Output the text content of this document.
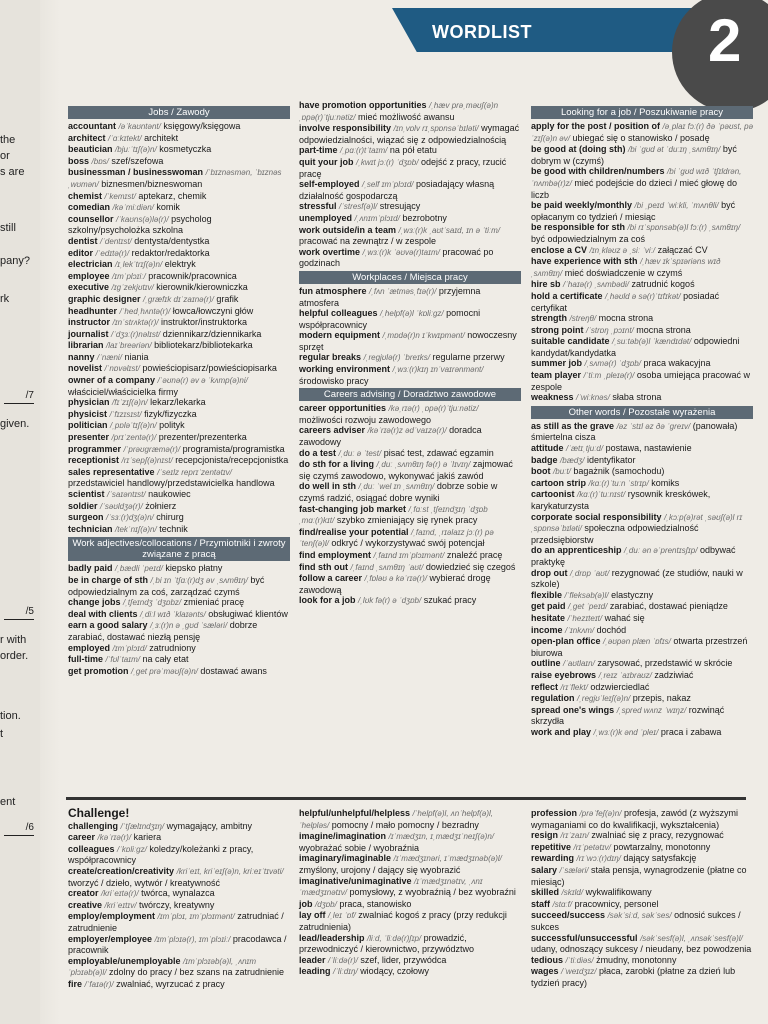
the
or
s are
still
pany?
rk
given.
r with
order.
tion.
t
ent
/7
/5
/6
WORDLIST	2
Jobs / Zawody

accountant /əˈkaʊntənt/ księgowy/księgowa

architect /ˈɑːkɪtekt/ architekt

beautician /bjuːˈtɪʃ(ə)n/ kosmetyczka

boss /bɒs/ szef/szefowa

businessman / businesswoman /ˈbɪznəsmən, ˈbɪznəsˌwʊmən/ biznesmen/bizneswoman

chemist /ˈkemɪst/ aptekarz, chemik

comedian /kəˈmiːdiən/ komik

counsellor /ˈkaʊns(ə)lə(r)/ psycholog szkolny/psycholożka szkolna

dentist /ˈdentɪst/ dentysta/dentystka

editor /ˈedɪtə(r)/ redaktor/redaktorka

electrician /ɪˌlekˈtrɪʃ(ə)n/ elektryk

employee /ɪmˈplɔɪiː/ pracownik/pracownica

executive /ɪɡˈzekjʊtɪv/ kierownik/kierowniczka

graphic designer /ˌɡræfɪk dɪˈzaɪnə(r)/ grafik

headhunter /ˈhedˌhʌntə(r)/ łowca/łowczyni głów

instructor /ɪnˈstrʌktə(r)/ instruktor/instruktorka

journalist /ˈdʒɜː(r)nəlɪst/ dziennikarz/dziennikarka

librarian /laɪˈbreəriən/ bibliotekarz/bibliotekarka

nanny /ˈnæni/ niania

novelist /ˈnɒvəlɪst/ powieściopisarz/powieściopisarka

owner of a company /ˈəʊnə(r) əv ə ˈkʌmp(ə)ni/ właściciel/właścicielka firmy

physician /fɪˈzɪʃ(ə)n/ lekarz/lekarka

physicist /ˈfɪzɪsɪst/ fizyk/fizyczka

politician /ˌpɒləˈtɪʃ(ə)n/ polityk

presenter /prɪˈzentə(r)/ prezenter/prezenterka

programmer /ˈprəʊɡræmə(r)/ programista/programistka

receptionist /rɪˈsepʃ(ə)nɪst/ recepcjonista/recepcjonistka

sales representative /ˈseɪlz reprɪˈzentətɪv/ przedstawiciel handlowy/przedstawicielka handlowa

scientist /ˈsaɪəntɪst/ naukowiec

soldier /ˈsəʊldʒə(r)/ żołnierz

surgeon /ˈsɜː(r)dʒ(ə)n/ chirurg

technician /tekˈnɪʃ(ə)n/ technik

Work adjectives/collocations / Przymiotniki i zwroty związane z pracą

badly paid /ˌbædli ˈpeɪd/ kiepsko płatny

be in charge of sth /ˌbi ɪn ˈtʃɑː(r)dʒ əv ˌsʌmθɪŋ/ być odpowiedzialnym za coś, zarządzać czymś

change jobs /ˌtʃeɪndʒ ˈdʒɒbz/ zmieniać pracę

deal with clients /ˌdiːl wɪð ˈklaɪənts/ obsługiwać klientów

earn a good salary /ˌɜː(r)n ə ˌɡʊd ˈsæləri/ dobrze zarabiać, dostawać niezłą pensję

employed /ɪmˈplɔɪd/ zatrudniony

full-time /ˈfʊlˈtaɪm/ na cały etat

get promotion /ˌɡet prəˈməʊʃ(ə)n/ dostawać awans

have promotion opportunities /ˌhæv prəˌməʊʃ(ə)n ˌɒpə(r)ˈtjuːnətiz/ mieć możliwość awansu

involve responsibility /ɪnˌvɒlv rɪˌspɒnsəˈbɪləti/ wymagać odpowiedzialności, wiązać się z odpowiedzialnością

part-time /ˌpɑː(r)tˈtaɪm/ na pół etatu

quit your job /ˌkwɪt jɔː(r) ˈdʒɒb/ odejść z pracy, rzucić pracę

self-employed /ˌself ɪmˈplɔɪd/ posiadający własną działalność gospodarczą

stressful /ˈstresf(ə)l/ stresujący

unemployed /ˌʌnɪmˈplɔɪd/ bezrobotny

work outside/in a team /ˌwɜː(r)k ˌaʊtˈsaɪd, ɪn ə ˈtiːm/ pracować na zewnątrz / w zespole

work overtime /ˌwɜː(r)k ˈəʊvə(r)taɪm/ pracować po godzinach

Workplaces / Miejsca pracy

fun atmosphere /ˌfʌn ˈætməsˌfɪə(r)/ przyjemna atmosfera

helpful colleagues /ˌhelpf(ə)l ˈkɒliːɡz/ pomocni współpracownicy

modern equipment /ˌmɒdə(r)n ɪˈkwɪpmənt/ nowoczesny sprzęt

regular breaks /ˌreɡjʊlə(r) ˈbreɪks/ regularne przerwy

working environment /ˌwɜː(r)kɪŋ ɪnˈvaɪrənmənt/ środowisko pracy

Careers advising / Doradztwo zawodowe

career opportunities /kəˌrɪə(r) ˌɒpə(r)ˈtjuːnətiz/ możliwości rozwoju zawodowego

careers adviser /kəˈrɪə(r)z ədˈvaɪzə(r)/ doradca zawodowy

do a test /ˌduː ə ˈtest/ pisać test, zdawać egzamin

do sth for a living /ˌduː ˌsʌmθɪŋ fə(r) ə ˈlɪvɪŋ/ zajmować się czymś zawodowo, wykonywać jakiś zawód

do well in sth /ˌduː ˈwel ɪn ˌsʌmθɪŋ/ dobrze sobie w czymś radzić, osiągać dobre wyniki

fast-changing job market /ˌfɑːst ˌtʃeɪndʒɪŋ ˈdʒɒb ˌmɑː(r)kɪt/ szybko zmieniający się rynek pracy

find/realise your potential /ˌfaɪnd, ˌrɪəlaɪz jɔː(r) pəˈtenʃ(ə)l/ odkryć / wykorzystywać swój potencjał

find employment /ˌfaɪnd ɪmˈplɔɪmənt/ znaleźć pracę

find sth out /ˌfaɪnd ˌsʌmθɪŋ ˈaʊt/ dowiedzieć się czegoś

follow a career /ˌfɒləʊ ə kəˈrɪə(r)/ wybierać drogę zawodową

look for a job /ˌlʊk fə(r) ə ˈdʒɒb/ szukać pracy

Looking for a job / Poszukiwanie pracy

apply for the post / position of /əˌplaɪ fɔː(r) ðə ˈpəʊst, pəˈzɪʃ(ə)n əv/ ubiegać się o stanowisko / posadę

be good at (doing sth) /bi ˈɡʊd ət ˈduːɪŋ ˌsʌmθɪŋ/ być dobrym w (czymś)

be good with children/numbers /bi ˈɡʊd wɪð ˈtʃɪldrən, ˈnʌmbə(r)z/ mieć podejście do dzieci / mieć głowę do liczb

be paid weekly/monthly /bi ˌpeɪd ˈwiːkli, ˈmʌnθli/ być opłacanym co tydzień / miesiąc

be responsible for sth /bi rɪˈspɒnsəb(ə)l fɔː(r) ˌsʌmθɪŋ/ być odpowiedzialnym za coś

enclose a CV /ɪnˌkləʊz ə ˌsiː ˈviː/ załączać CV

have experience with sth /ˌhæv ɪkˈspɪəriəns wɪð ˌsʌmθɪŋ/ mieć doświadczenie w czymś

hire sb /ˈhaɪə(r) ˌsʌmbədi/ zatrudnić kogoś

hold a certificate /ˌhəʊld ə sə(r)ˈtɪfɪkət/ posiadać certyfikat

strength /streŋθ/ mocna strona

strong point /ˈstrɒŋ ˌpɔɪnt/ mocna strona

suitable candidate /ˌsuːtəb(ə)l ˈkændɪdət/ odpowiedni kandydat/kandydatka

summer job /ˌsʌmə(r) ˈdʒɒb/ praca wakacyjna

team player /ˈtiːm ˌpleɪə(r)/ osoba umiejąca pracować w zespole

weakness /ˈwiːknəs/ słaba strona

Other words / Pozostałe wyrażenia

as still as the grave /əz ˈstɪl əz ðə ˈɡreɪv/ (panowała) śmiertelna cisza

attitude /ˈætɪˌtjuːd/ postawa, nastawienie

badge /bædʒ/ identyfikator

boot /buːt/ bagażnik (samochodu)

cartoon strip /kɑː(r)ˈtuːn ˈstrɪp/ komiks

cartoonist /kɑː(r)ˈtuːnɪst/ rysownik kreskówek, karykaturzysta

corporate social responsibility /ˌkɔːp(ə)rət ˌsəʊʃ(ə)l rɪˌspɒnsəˈbɪləti/ społeczna odpowiedzialność przedsiębiorstw

do an apprenticeship /ˌduː ən əˈprentɪsʃɪp/ odbywać praktykę

drop out /ˌdrɒp ˈaʊt/ rezygnować (ze studiów, nauki w szkole)

flexible /ˈfleksəb(ə)l/ elastyczny

get paid /ˌɡet ˈpeɪd/ zarabiać, dostawać pieniądze

hesitate /ˈhezɪteɪt/ wahać się

income /ˈɪnkʌm/ dochód

open-plan office /ˌəʊpən plæn ˈɒfɪs/ otwarta przestrzeń biurowa

outline /ˈaʊtlaɪn/ zarysować, przedstawić w skrócie

raise eyebrows /ˌreɪz ˈaɪbraʊz/ zadziwiać

reflect /rɪˈflekt/ odzwierciedlać

regulation /ˌreɡjʊˈleɪʃ(ə)n/ przepis, nakaz

spread one's wings /ˌspred wʌnz ˈwɪŋz/ rozwinąć skrzydła

work and play /ˌwɜː(r)k ənd ˈpleɪ/ praca i zabawa

Challenge!

challenging /ˈtʃælɪndʒɪŋ/ wymagający, ambitny

career /kəˈrɪə(r)/ kariera

colleagues /ˈkɒliːɡz/ koledzy/koleżanki z pracy, współpracownicy

create/creation/creativity /kriˈeɪt, kriˈeɪʃ(ə)n, kriːeɪˈtɪvəti/ tworzyć / dzieło, wytwór / kreatywność

creator /kriˈeɪtə(r)/ twórca, wynalazca

creative /kriˈeɪtɪv/ twórczy, kreatywny

employ/employment /ɪmˈplɔɪ, ɪmˈplɔɪmənt/ zatrudniać / zatrudnienie

employer/employee /ɪmˈplɔɪə(r), ɪmˈplɔɪiː/ pracodawca / pracownik

employable/unemployable /ɪmˈplɔɪəb(ə)l, ˌʌnɪmˈplɔɪəb(ə)l/ zdolny do pracy / bez szans na zatrudnienie

fire /ˈfaɪə(r)/ zwalniać, wyrzucać z pracy

helpful/unhelpful/helpless /ˈhelpf(ə)l, ʌnˈhelpf(ə)l, ˈhelpləs/ pomocny / mało pomocny / bezradny

imagine/imagination /ɪˈmædʒɪn, ɪˌmædʒɪˈneɪʃ(ə)n/ wyobrażać sobie / wyobraźnia

imaginary/imaginable /ɪˈmædʒɪnəri, ɪˈmædʒɪnəb(ə)l/ zmyślony, urojony / dający się wyobrazić

imaginative/unimaginative /ɪˈmædʒɪnətɪv, ˌʌnɪˈmædʒɪnətɪv/ pomysłowy, z wyobraźnią / bez wyobraźni

job /dʒɒb/ praca, stanowisko

lay off /ˌleɪ ˈɒf/ zwalniać kogoś z pracy (przy redukcji zatrudnienia)

lead/leadership /liːd, ˈliːdə(r)ʃɪp/ prowadzić, przewodniczyć / kierownictwo, przywództwo

leader /ˈliːdə(r)/ szef, lider, przywódca

leading /ˈliːdɪŋ/ wiodący, czołowy

profession /prəˈfeʃ(ə)n/ profesja, zawód (z wyższymi wymaganiami co do kwalifikacji, wykształcenia)

resign /rɪˈzaɪn/ zwalniać się z pracy, rezygnować

repetitive /rɪˈpetətɪv/ powtarzalny, monotonny

rewarding /rɪˈwɔː(r)dɪŋ/ dający satysfakcję

salary /ˈsæləri/ stała pensja, wynagrodzenie (płatne co miesiąc)

skilled /skɪld/ wykwalifikowany

staff /stɑːf/ pracownicy, personel

succeed/success /səkˈsiːd, səkˈses/ odnosić sukces / sukces

successful/unsuccessful /səkˈsesf(ə)l, ˌʌnsəkˈsesf(ə)l/ udany, odnoszący sukcesy / nieudany, bez powodzenia

tedious /ˈtiːdiəs/ żmudny, monotonny

wages /ˈweɪdʒɪz/ płaca, zarobki (płatne za dzień lub tydzień pracy)
